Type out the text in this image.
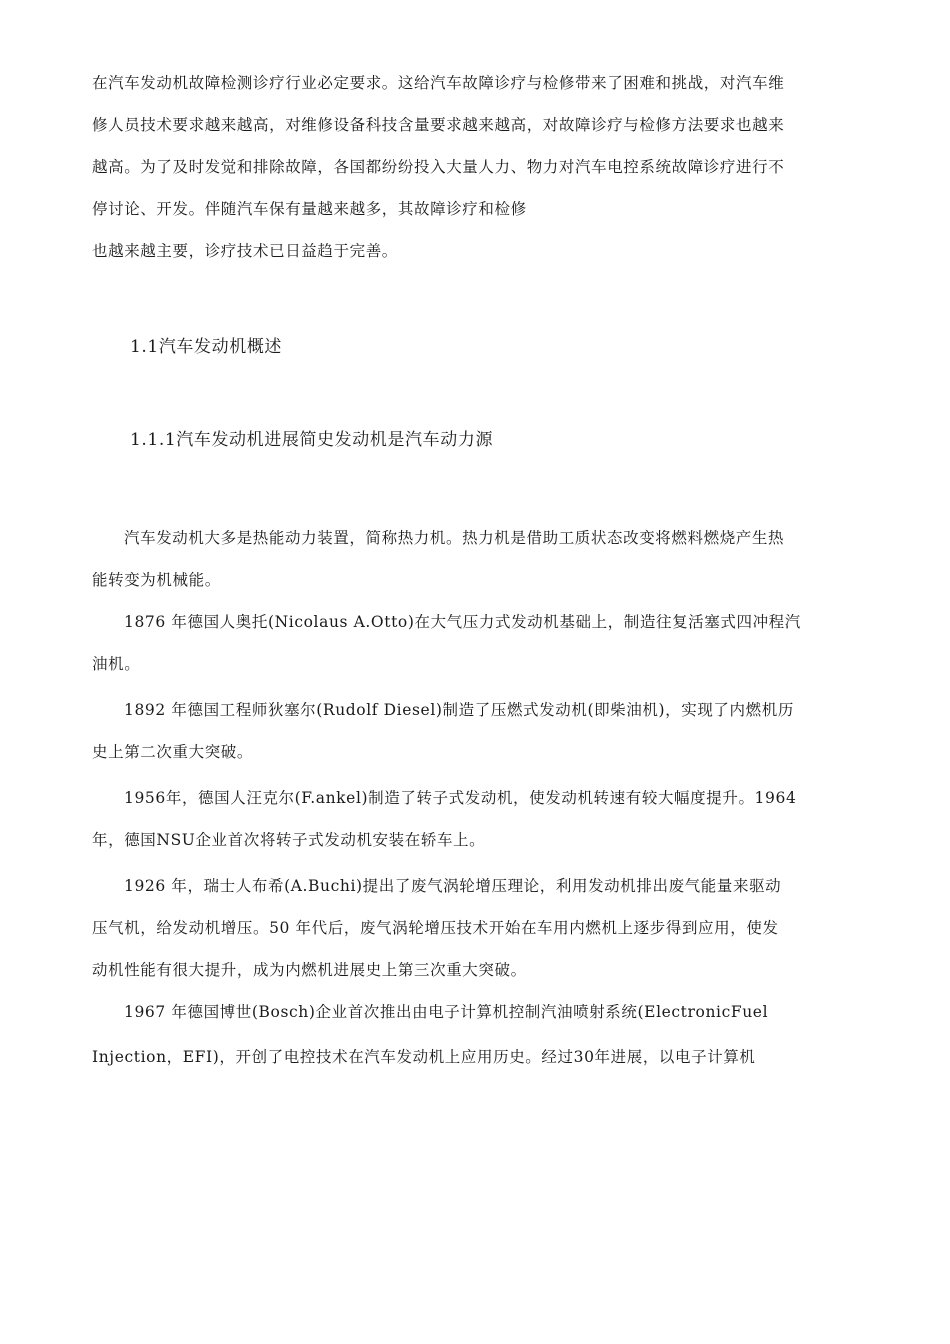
在汽车发动机故障检测诊疗行业必定要求。这给汽车故障诊疗与检修带来了困难和挑战，对汽车维
修人员技术要求越来越高，对维修设备科技含量要求越来越高，对故障诊疗与检修方法要求也越来
越高。为了及时发觉和排除故障，各国都纷纷投入大量人力、物力对汽车电控系统故障诊疗进行不
停讨论、开发。伴随汽车保有量越来越多，其故障诊疗和检修
也越来越主要，诊疗技术已日益趋于完善。
1.1汽车发动机概述
1.1.1汽车发动机进展简史发动机是汽车动力源
汽车发动机大多是热能动力装置，简称热力机。热力机是借助工质状态改变将燃料燃烧产生热
能转变为机械能。
1876 年德国人奥托(Nicolaus A.Otto)在大气压力式发动机基础上，制造往复活塞式四冲程汽
油机。
1892 年德国工程师狄塞尔(Rudolf Diesel)制造了压燃式发动机(即柴油机)，实现了内燃机历
史上第二次重大突破。
1956年，德国人汪克尔(F.ankel)制造了转子式发动机，使发动机转速有较大幅度提升。1964
年，德国NSU企业首次将转子式发动机安装在轿车上。
1926 年，瑞士人布希(A.Buchi)提出了废气涡轮增压理论，利用发动机排出废气能量来驱动
压气机，给发动机增压。50 年代后，废气涡轮增压技术开始在车用内燃机上逐步得到应用，使发
动机性能有很大提升，成为内燃机进展史上第三次重大突破。
1967 年德国博世(Bosch)企业首次推出由电子计算机控制汽油喷射系统(ElectronicFuel
Injection，EFI)，开创了电控技术在汽车发动机上应用历史。经过30年进展，以电子计算机
